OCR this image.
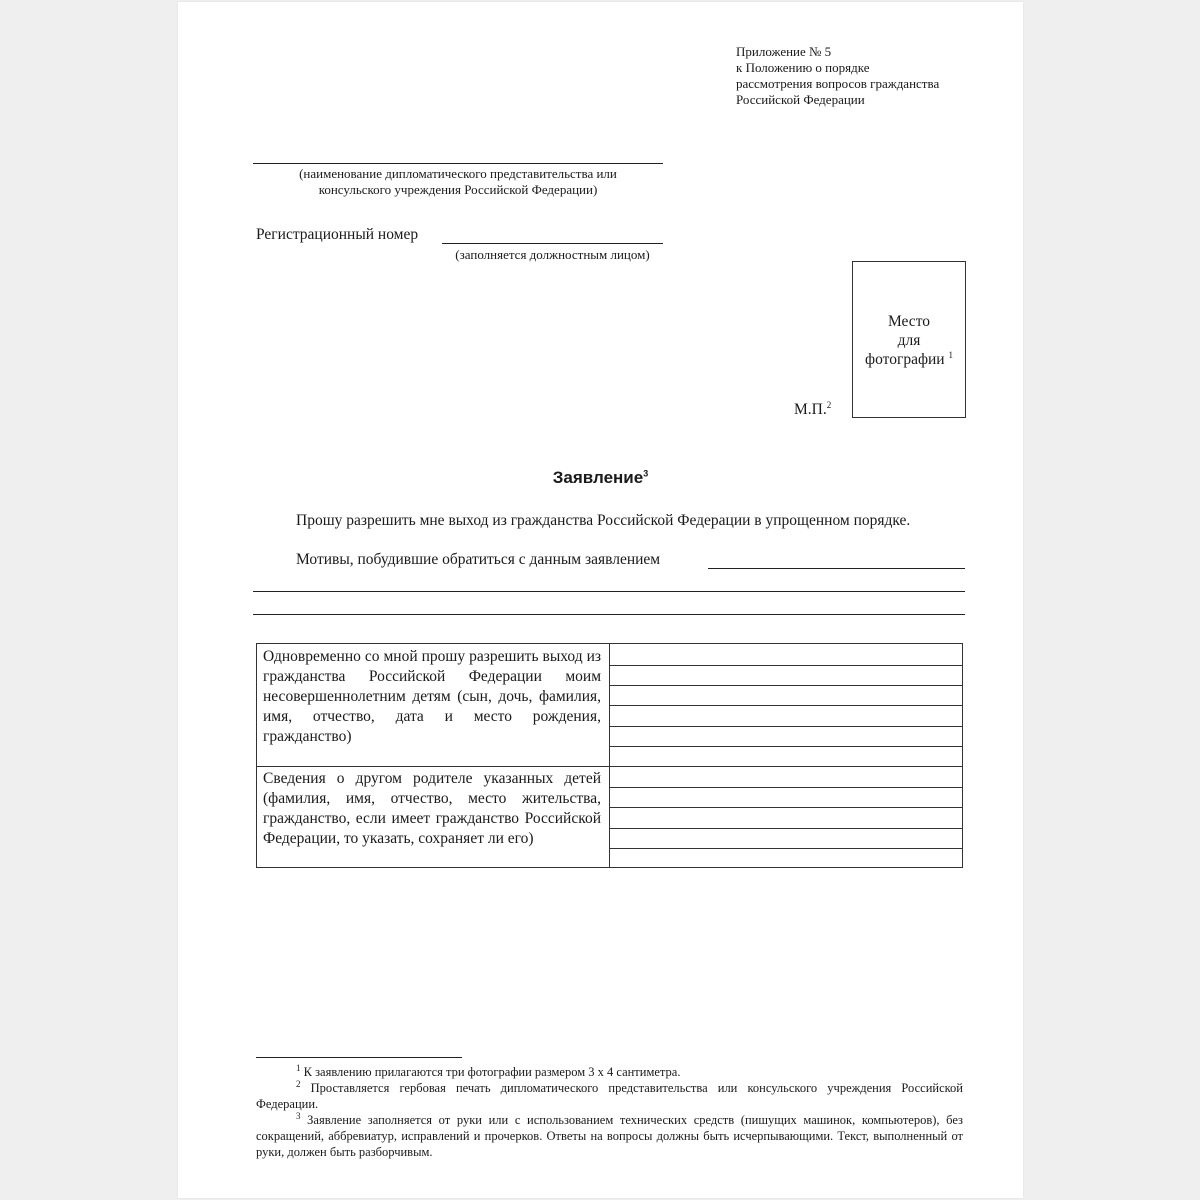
Приложение № 5
к Положению о порядке
рассмотрения вопросов гражданства
Российской Федерации
(наименование дипломатического представительства или
консульского учреждения Российской Федерации)
Регистрационный номер
(заполняется должностным лицом)
Место
для
фотографии $^1$
М.П.$^2$
Заявление$^3$
Прошу разрешить мне выход из гражданства Российской Федерации в упрощенном порядке.
Мотивы, побудившие обратиться с данным заявлением
Одновременно со мной прошу разрешить выход из гражданства Российской Федерации моим несовершеннолетним детям (сын, дочь, фамилия, имя, отчество, дата и место рождения, гражданство)
Сведения о другом родителе указанных детей (фамилия, имя, отчество, место жительства, гражданство, если имеет гражданство Российской Федерации, то указать, сохраняет ли его)
$^1$ К заявлению прилагаются три фотографии размером 3 х 4 сантиметра.
$^2$ Проставляется гербовая печать дипломатического представительства или консульского учреждения Российской Федерации.
$^3$ Заявление заполняется от руки или с использованием технических средств (пишущих машинок, компьютеров), без сокращений, аббревиатур, исправлений и прочерков. Ответы на вопросы должны быть исчерпывающими. Текст, выполненный от руки, должен быть разборчивым.
